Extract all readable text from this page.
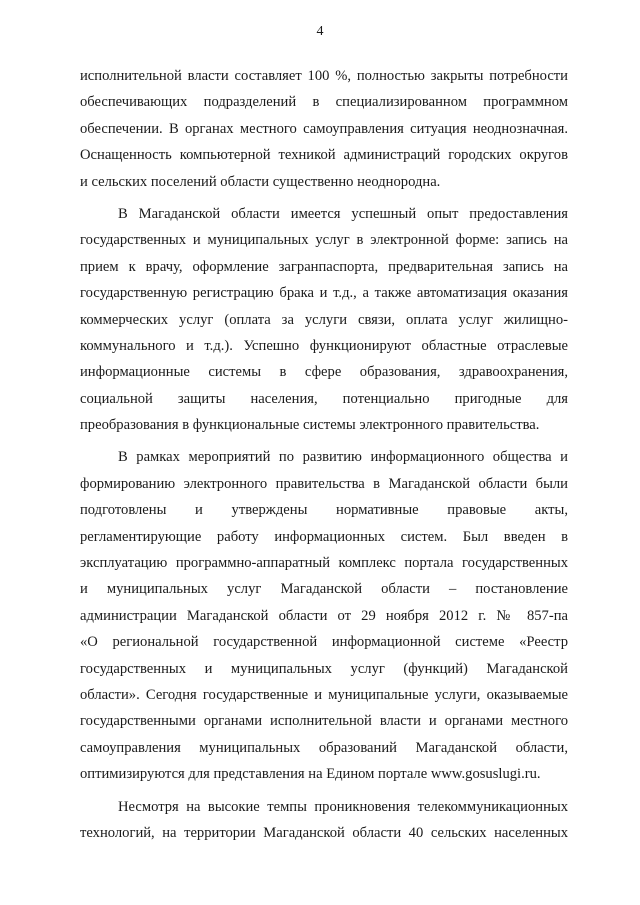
4
исполнительной власти составляет 100 %, полностью закрыты потребности
обеспечивающих подразделений в специализированном программном
обеспечении. В органах местного самоуправления ситуация неоднозначная.
Оснащенность компьютерной техникой администраций городских округов
и сельских поселений области существенно неоднородна.
В Магаданской области имеется успешный опыт предоставления
государственных и муниципальных услуг в электронной форме: запись на
прием к врачу, оформление загранпаспорта, предварительная запись на
государственную регистрацию брака и т.д., а также автоматизация оказания
коммерческих услуг (оплата за услуги связи, оплата услуг жилищно-
коммунального и т.д.). Успешно функционируют областные отраслевые
информационные системы в сфере образования, здравоохранения,
социальной защиты населения, потенциально пригодные для
преобразования в функциональные системы электронного правительства.
В рамках мероприятий по развитию информационного общества и
формированию электронного правительства в Магаданской области были
подготовлены и утверждены нормативные правовые акты,
регламентирующие работу информационных систем. Был введен в
эксплуатацию программно-аппаратный комплекс портала государственных
и муниципальных услуг Магаданской области – постановление
администрации Магаданской области от 29 ноября 2012 г. № 857-па
«О региональной государственной информационной системе «Реестр
государственных и муниципальных услуг (функций) Магаданской
области». Сегодня государственные и муниципальные услуги, оказываемые
государственными органами исполнительной власти и органами местного
самоуправления муниципальных образований Магаданской области,
оптимизируются для представления на Едином портале www.gosuslugi.ru.
Несмотря на высокие темпы проникновения телекоммуникационных
технологий, на территории Магаданской области 40 сельских населенных
